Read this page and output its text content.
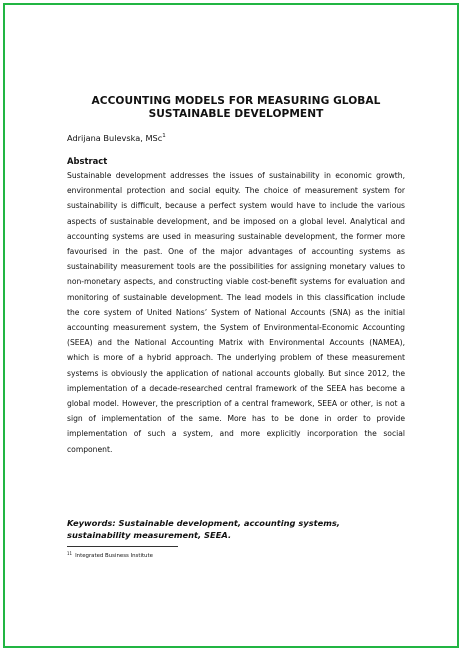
ACCOUNTING MODELS FOR MEASURING GLOBAL SUSTAINABLE DEVELOPMENT
Adrijana Bulevska, MSc$^1$
Abstract
Sustainable development addresses the issues of sustainability in economic growth, environmental protection and social equity. The choice of measurement system for sustainability is difficult, because a perfect system would have to include the various aspects of sustainable development, and be imposed on a global level. Analytical and accounting systems are used in measuring sustainable development, the former more favourised in the past. One of the major advantages of accounting systems as sustainability measurement tools are the possibilities for assigning monetary values to non-monetary aspects, and constructing viable cost-benefit systems for evaluation and monitoring of sustainable development. The lead models in this classification include the core system of United Nations’ System of National Accounts (SNA) as the initial accounting measurement system, the System of Environmental-Economic Accounting (SEEA) and the National Accounting Matrix with Environmental Accounts (NAMEA), which is more of a hybrid approach. The underlying problem of these measurement systems is obviously the application of national accounts globally. But since 2012, the implementation of a decade-researched central framework of the SEEA has become a global model. However, the prescription of a central framework, SEEA or other, is not a sign of implementation of the same. More has to be done in order to provide implementation of such a system, and more explicitly incorporation the social component.
Keywords: Sustainable development, accounting systems, sustainability measurement, SEEA.
$^{11}$ Integrated Business Institute
